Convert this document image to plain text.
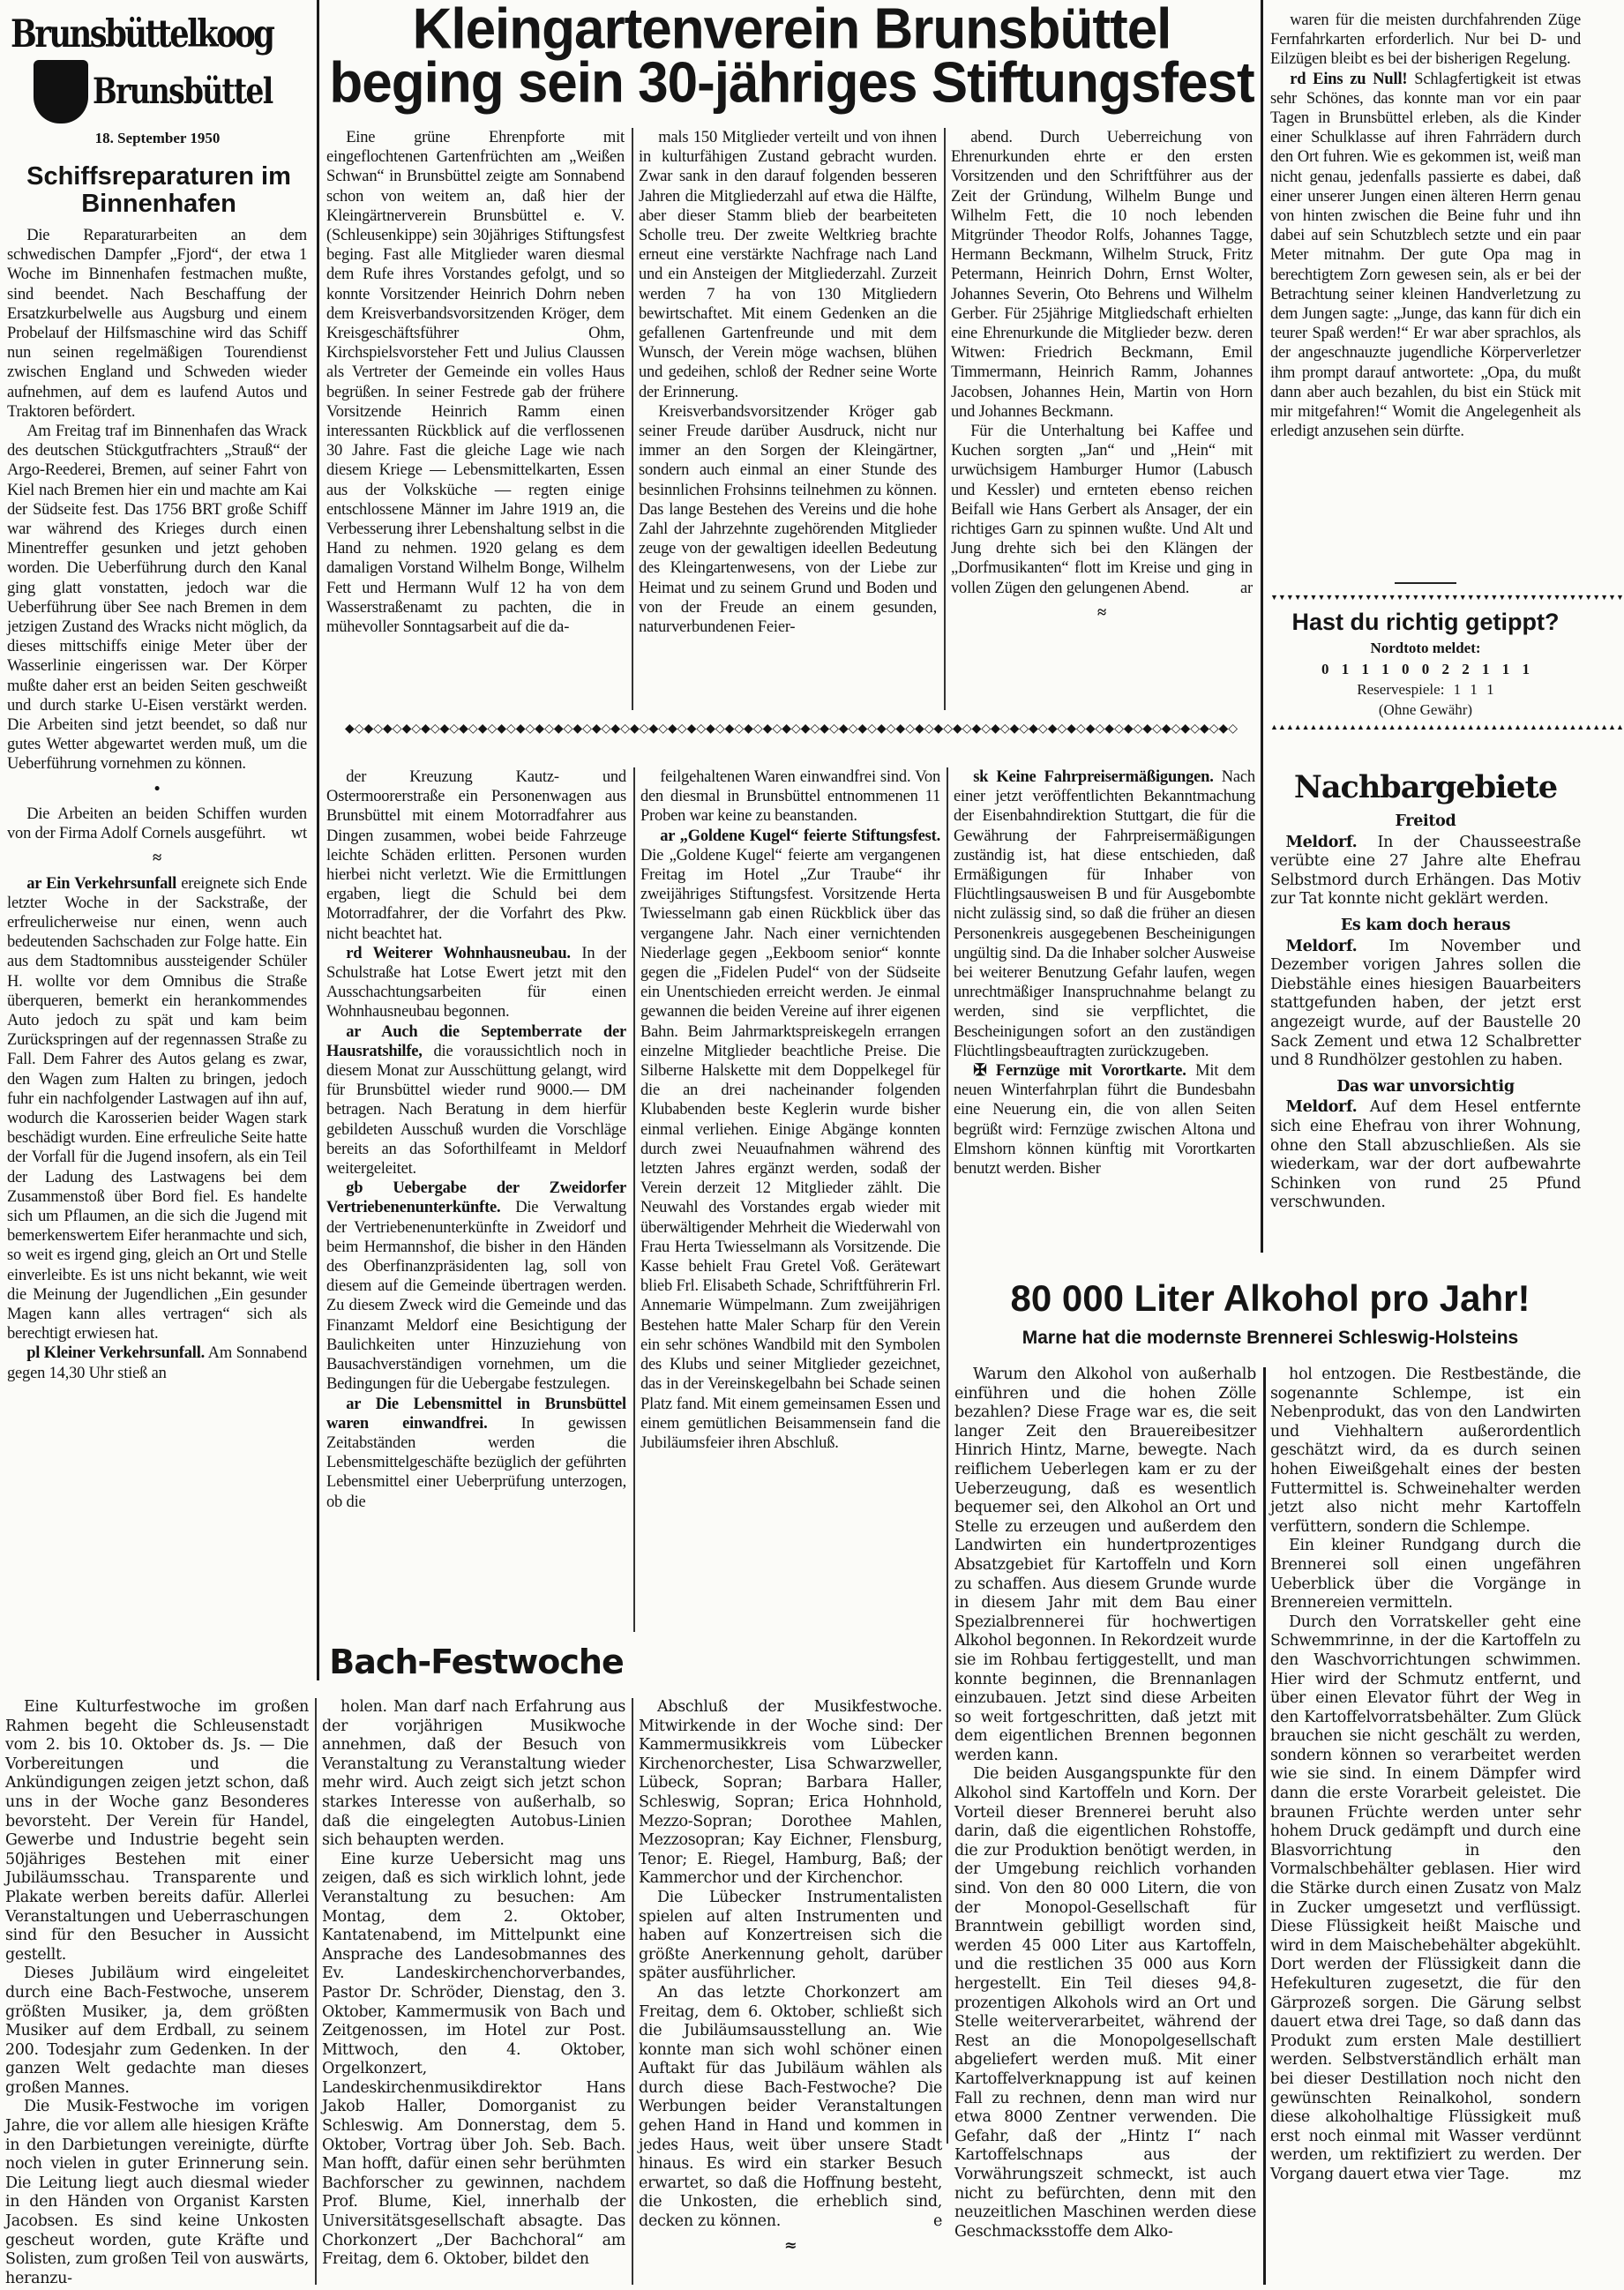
Brunsbüttelkoog
Brunsbüttel
18. September 1950
Schiffsreparaturen im Binnenhafen

Die Reparaturarbeiten an dem schwedischen Dampfer „Fjord“, der etwa 1 Woche im Binnenhafen festmachen mußte, sind beendet. Nach Beschaffung der Ersatzkurbelwelle aus Augsburg und einem Probelauf der Hilfsmaschine wird das Schiff nun seinen regelmäßigen Tourendienst zwischen England und Schweden wieder aufnehmen, auf dem es laufend Autos und Traktoren befördert.

Am Freitag traf im Binnenhafen das Wrack des deutschen Stückgutfrachters „Strauß“ der Argo-Reederei, Bremen, auf seiner Fahrt von Kiel nach Bremen hier ein und machte am Kai der Südseite fest. Das 1756 BRT große Schiff war während des Krieges durch einen Minentreffer gesunken und jetzt gehoben worden. Die Ueberführung durch den Kanal ging glatt vonstatten, jedoch war die Ueberführung über See nach Bremen in dem jetzigen Zustand des Wracks nicht möglich, da dieses mittschiffs einige Meter über der Wasserlinie eingerissen war. Der Körper mußte daher erst an beiden Seiten geschweißt und durch starke U-Eisen verstärkt werden. Die Arbeiten sind jetzt beendet, so daß nur gutes Wetter abgewartet werden muß, um die Ueberführung vornehmen zu können.

•

Die Arbeiten an beiden Schiffen wurden von der Firma Adolf Cornels ausgeführt.	wt

≈

ar Ein Verkehrsunfall ereignete sich Ende letzter Woche in der Sackstraße, der erfreulicherweise nur einen, wenn auch bedeutenden Sachschaden zur Folge hatte. Ein aus dem Stadtomnibus aussteigender Schüler H. wollte vor dem Omnibus die Straße überqueren, bemerkt ein herankommendes Auto jedoch zu spät und kam beim Zurückspringen auf der regennassen Straße zu Fall. Dem Fahrer des Autos gelang es zwar, den Wagen zum Halten zu bringen, jedoch fuhr ein nachfolgender Lastwagen auf ihn auf, wodurch die Karosserien beider Wagen stark beschädigt wurden. Eine erfreuliche Seite hatte der Vorfall für die Jugend insofern, als ein Teil der Ladung des Lastwagens bei dem Zusammenstoß über Bord fiel. Es handelte sich um Pflaumen, an die sich die Jugend mit bemerkenswertem Eifer heranmachte und sich, so weit es irgend ging, gleich an Ort und Stelle einverleibte. Es ist uns nicht bekannt, wie weit die Meinung der Jugendlichen „Ein gesunder Magen kann alles vertragen“ sich als berechtigt erwiesen hat.

pl Kleiner Verkehrsunfall. Am Sonnabend gegen 14,30 Uhr stieß an

Kleingartenverein Brunsbüttel
beging sein 30-jähriges Stiftungsfest

Eine grüne Ehrenpforte mit eingeflochtenen Gartenfrüchten am „Weißen Schwan“ in Brunsbüttel zeigte am Sonnabend schon von weitem an, daß hier der Kleingärtnerverein Brunsbüttel e. V. (Schleusenkippe) sein 30jähriges Stiftungsfest beging. Fast alle Mitglieder waren diesmal dem Rufe ihres Vorstandes gefolgt, und so konnte Vorsitzender Heinrich Dohrn neben dem Kreisverbandsvorsitzenden Kröger, dem Kreisgeschäftsführer Ohm, Kirchspielsvorsteher Fett und Julius Claussen als Vertreter der Gemeinde ein volles Haus begrüßen. In seiner Festrede gab der frühere Vorsitzende Heinrich Ramm einen interessanten Rückblick auf die verflossenen 30 Jahre. Fast die gleiche Lage wie nach diesem Kriege — Lebensmittelkarten, Essen aus der Volksküche — regten einige entschlossene Männer im Jahre 1919 an, die Verbesserung ihrer Lebenshaltung selbst in die Hand zu nehmen. 1920 gelang es dem damaligen Vorstand Wilhelm Bonge, Wilhelm Fett und Hermann Wulf 12 ha von dem Wasserstraßenamt zu pachten, die in mühevoller Sonntagsarbeit auf die da-

mals 150 Mitglieder verteilt und von ihnen in kulturfähigen Zustand gebracht wurden. Zwar sank in den darauf folgenden besseren Jahren die Mitgliederzahl auf etwa die Hälfte, aber dieser Stamm blieb der bearbeiteten Scholle treu. Der zweite Weltkrieg brachte erneut eine verstärkte Nachfrage nach Land und ein Ansteigen der Mitgliederzahl. Zurzeit werden 7 ha von 130 Mitgliedern bewirtschaftet. Mit einem Gedenken an die gefallenen Gartenfreunde und mit dem Wunsch, der Verein möge wachsen, blühen und gedeihen, schloß der Redner seine Worte der Erinnerung.

Kreisverbandsvorsitzender Kröger gab seiner Freude darüber Ausdruck, nicht nur immer an den Sorgen der Kleingärtner, sondern auch einmal an einer Stunde des besinnlichen Frohsinns teilnehmen zu können. Das lange Bestehen des Vereins und die hohe Zahl der Jahrzehnte zugehörenden Mitglieder zeuge von der gewaltigen ideellen Bedeutung des Kleingartenwesens, von der Liebe zur Heimat und zu seinem Grund und Boden und von der Freude an einem gesunden, naturverbundenen Feier-

abend. Durch Ueberreichung von Ehrenurkunden ehrte er den ersten Vorsitzenden und den Schriftführer aus der Zeit der Gründung, Wilhelm Bunge und Wilhelm Fett, die 10 noch lebenden Mitgründer Theodor Rolfs, Johannes Tagge, Hermann Beckmann, Wilhelm Struck, Fritz Petermann, Heinrich Dohrn, Ernst Wolter, Johannes Severin, Oto Behrens und Wilhelm Gerber. Für 25jährige Mitgliedschaft erhielten eine Ehrenurkunde die Mitglieder bezw. deren Witwen: Friedrich Beckmann, Emil Timmermann, Heinrich Ramm, Johannes Jacobsen, Johannes Hein, Martin von Horn und Johannes Beckmann.

Für die Unterhaltung bei Kaffee und Kuchen sorgten „Jan“ und „Hein“ mit urwüchsigem Hamburger Humor (Labusch und Kessler) und ernteten ebenso reichen Beifall wie Hans Gerbert als Ansager, der ein richtiges Garn zu spinnen wußte. Und Alt und Jung drehte sich bei den Klängen der „Dorfmusikanten“ flott im Kreise und ging in vollen Zügen den gelungenen Abend.	ar

≈
◆◇◆◇◆◇◆◇◆◇◆◇◆◇◆◇◆◇◆◇◆◇◆◇◆◇◆◇◆◇◆◇◆◇◆◇◆◇◆◇◆◇◆◇◆◇◆◇◆◇◆◇◆◇◆◇◆◇◆◇◆◇◆◇◆◇◆◇◆◇◆◇◆◇◆◇◆◇◆◇◆◇◆◇◆◇◆◇◆◇◆◇◆◇

waren für die meisten durchfahrenden Züge Fernfahrkarten erforderlich. Nur bei D- und Eilzügen bleibt es bei der bisherigen Regelung.

rd Eins zu Null! Schlagfertigkeit ist etwas sehr Schönes, das konnte man vor ein paar Tagen in Brunsbüttel erleben, als die Kinder einer Schulklasse auf ihren Fahrrädern durch den Ort fuhren. Wie es gekommen ist, weiß man nicht genau, jedenfalls passierte es dabei, daß einer unserer Jungen einen älteren Herrn genau von hinten zwischen die Beine fuhr und ihn dabei auf sein Schutzblech setzte und ein paar Meter mitnahm. Der gute Opa mag in berechtigtem Zorn gewesen sein, als er bei der Betrachtung seiner kleinen Handverletzung zu dem Jungen sagte: „Junge, das kann für dich ein teurer Spaß werden!“ Er war aber sprachlos, als der angeschnauzte jugendliche Körperverletzer ihm prompt darauf antwortete: „Opa, du mußt dann aber auch bezahlen, du bist ein Stück mit mir mitgefahren!“ Womit die Angelegenheit als erledigt anzusehen sein dürfte.

▼▼▼▼▼▼▼▼▼▼▼▼▼▼▼▼▼▼▼▼▼▼▼▼▼▼▼▼▼▼▼▼▼▼▼▼▼▼▼▼▼▼▼▼▼
Hast du richtig getippt?
Nordtoto meldet:
0 1 1 1 0 0 2 2 1 1 1
Reservespiele: 1 1 1
(Ohne Gewähr)
▲▲▲▲▲▲▲▲▲▲▲▲▲▲▲▲▲▲▲▲▲▲▲▲▲▲▲▲▲▲▲▲▲▲▲▲▲▲▲▲▲▲▲▲▲
Nachbargebiete
Freitod

Meldorf. In der Chausseestraße verübte eine 27 Jahre alte Ehefrau Selbstmord durch Erhängen. Das Motiv zur Tat konnte nicht geklärt werden.

Es kam doch heraus

Meldorf. Im November und Dezember vorigen Jahres sollen die Diebstähle eines hiesigen Bauarbeiters stattgefunden haben, der jetzt erst angezeigt wurde, auf der Baustelle 20 Sack Zement und etwa 12 Schalbretter und 8 Rundhölzer gestohlen zu haben.

Das war unvorsichtig

Meldorf. Auf dem Hesel entfernte sich eine Ehefrau von ihrer Wohnung, ohne den Stall abzuschließen. Als sie wiederkam, war der dort aufbewahrte Schinken von rund 25 Pfund verschwunden.

der Kreuzung Kautz- und Ostermoorerstraße ein Personenwagen aus Brunsbüttel mit einem Motorradfahrer aus Dingen zusammen, wobei beide Fahrzeuge leichte Schäden erlitten. Personen wurden hierbei nicht verletzt. Wie die Ermittlungen ergaben, liegt die Schuld bei dem Motorradfahrer, der die Vorfahrt des Pkw. nicht beachtet hat.

rd Weiterer Wohnhausneubau. In der Schulstraße hat Lotse Ewert jetzt mit den Ausschachtungsarbeiten für einen Wohnhausneubau begonnen.

ar Auch die Septemberrate der Hausratshilfe, die voraussichtlich noch in diesem Monat zur Ausschüttung gelangt, wird für Brunsbüttel wieder rund 9000.— DM betragen. Nach Beratung in dem hierfür gebildeten Ausschuß wurden die Vorschläge bereits an das Soforthilfeamt in Meldorf weitergeleitet.

gb Uebergabe der Zweidorfer Vertriebenenunterkünfte. Die Verwaltung der Vertriebenenunterkünfte in Zweidorf und beim Hermannshof, die bisher in den Händen des Oberfinanzpräsidenten lag, soll von diesem auf die Gemeinde übertragen werden. Zu diesem Zweck wird die Gemeinde und das Finanzamt Meldorf eine Besichtigung der Baulichkeiten unter Hinzuziehung von Bausachverständigen vornehmen, um die Bedingungen für die Uebergabe festzulegen.

ar Die Lebensmittel in Brunsbüttel waren einwandfrei. In gewissen Zeitabständen werden die Lebensmittelgeschäfte bezüglich der geführten Lebensmittel einer Ueberprüfung unterzogen, ob die

feilgehaltenen Waren einwandfrei sind. Von den diesmal in Brunsbüttel entnommenen 11 Proben war keine zu beanstanden.

ar „Goldene Kugel“ feierte Stiftungsfest. Die „Goldene Kugel“ feierte am vergangenen Freitag im Hotel „Zur Traube“ ihr zweijähriges Stiftungsfest. Vorsitzende Herta Twiesselmann gab einen Rückblick über das vergangene Jahr. Nach einer vernichtenden Niederlage gegen „Eekboom senior“ konnte gegen die „Fidelen Pudel“ von der Südseite ein Unentschieden erreicht werden. Je einmal gewannen die beiden Vereine auf ihrer eigenen Bahn. Beim Jahrmarktspreiskegeln errangen einzelne Mitglieder beachtliche Preise. Die Silberne Halskette mit dem Doppelkegel für die an drei nacheinander folgenden Klubabenden beste Keglerin wurde bisher einmal verliehen. Einige Abgänge konnten durch zwei Neuaufnahmen während des letzten Jahres ergänzt werden, sodaß der Verein derzeit 12 Mitglieder zählt. Die Neuwahl des Vorstandes ergab wieder mit überwältigender Mehrheit die Wiederwahl von Frau Herta Twiesselmann als Vorsitzende. Die Kasse behielt Frau Gretel Voß. Gerätewart blieb Frl. Elisabeth Schade, Schriftführerin Frl. Annemarie Wümpelmann. Zum zweijährigen Bestehen hatte Maler Scharp für den Verein ein sehr schönes Wandbild mit den Symbolen des Klubs und seiner Mitglieder gezeichnet, das in der Vereinskegelbahn bei Schade seinen Platz fand. Mit einem gemeinsamen Essen und einem gemütlichen Beisammensein fand die Jubiläumsfeier ihren Abschluß.

sk Keine Fahrpreisermäßigungen. Nach einer jetzt veröffentlichten Bekanntmachung der Eisenbahndirektion Stuttgart, die für die Gewährung der Fahrpreisermäßigungen zuständig ist, hat diese entschieden, daß Ermäßigungen für Inhaber von Flüchtlingsausweisen B und für Ausgebombte nicht zulässig sind, so daß die früher an diesen Personenkreis ausgegebenen Bescheinigungen ungültig sind. Da die Inhaber solcher Ausweise bei weiterer Benutzung Gefahr laufen, wegen unrechtmäßiger Inanspruchnahme belangt zu werden, sind sie verpflichtet, die Bescheinigungen sofort an den zuständigen Flüchtlingsbeauftragten zurückzugeben.

✠ Fernzüge mit Vorortkarte. Mit dem neuen Winterfahrplan führt die Bundesbahn eine Neuerung ein, die von allen Seiten begrüßt wird: Fernzüge zwischen Altona und Elmshorn können künftig mit Vorortkarten benutzt werden. Bisher

80 000 Liter Alkohol pro Jahr!
Marne hat die modernste Brennerei Schleswig-Holsteins

Warum den Alkohol von außerhalb einführen und die hohen Zölle bezahlen? Diese Frage war es, die seit langer Zeit den Brauereibesitzer Hinrich Hintz, Marne, bewegte. Nach reiflichem Ueberlegen kam er zu der Ueberzeugung, daß es wesentlich bequemer sei, den Alkohol an Ort und Stelle zu erzeugen und außerdem den Landwirten ein hundertprozentiges Absatzgebiet für Kartoffeln und Korn zu schaffen. Aus diesem Grunde wurde in diesem Jahr mit dem Bau einer Spezialbrennerei für hochwertigen Alkohol begonnen. In Rekordzeit wurde sie im Rohbau fertiggestellt, und man konnte beginnen, die Brennanlagen einzubauen. Jetzt sind diese Arbeiten so weit fortgeschritten, daß jetzt mit dem eigentlichen Brennen begonnen werden kann.

Die beiden Ausgangspunkte für den Alkohol sind Kartoffeln und Korn. Der Vorteil dieser Brennerei beruht also darin, daß die eigentlichen Rohstoffe, die zur Produktion benötigt werden, in der Umgebung reichlich vorhanden sind. Von den 80 000 Litern, die von der Monopol-Gesellschaft für Branntwein gebilligt worden sind, werden 45 000 Liter aus Kartoffeln, und die restlichen 35 000 aus Korn hergestellt. Ein Teil dieses 94,8-prozentigen Alkohols wird an Ort und Stelle weiterverarbeitet, während der Rest an die Monopolgesellschaft abgeliefert werden muß. Mit einer Kartoffelverknappung ist auf keinen Fall zu rechnen, denn man wird nur etwa 8000 Zentner verwenden. Die Gefahr, daß der „Hintz I“ nach Kartoffelschnaps aus der Vorwährungszeit schmeckt, ist auch nicht zu befürchten, denn mit den neuzeitlichen Maschinen werden diese Geschmacksstoffe dem Alko-

hol entzogen. Die Restbestände, die sogenannte Schlempe, ist ein Nebenprodukt, das von den Landwirten und Viehhaltern außerordentlich geschätzt wird, da es durch seinen hohen Eiweißgehalt eines der besten Futtermittel is. Schweinehalter werden jetzt also nicht mehr Kartoffeln verfüttern, sondern die Schlempe.

Ein kleiner Rundgang durch die Brennerei soll einen ungefähren Ueberblick über die Vorgänge in Brennereien vermitteln.

Durch den Vorratskeller geht eine Schwemmrinne, in der die Kartoffeln zu den Waschvorrichtungen schwimmen. Hier wird der Schmutz entfernt, und über einen Elevator führt der Weg in den Kartoffelvorratsbehälter. Zum Glück brauchen sie nicht geschält zu werden, sondern können so verarbeitet werden wie sie sind. In einem Dämpfer wird dann die erste Vorarbeit geleistet. Die braunen Früchte werden unter sehr hohem Druck gedämpft und durch eine Blasvorrichtung in den Vormalschbehälter geblasen. Hier wird die Stärke durch einen Zusatz von Malz in Zucker umgesetzt und verflüssigt. Diese Flüssigkeit heißt Maische und wird in dem Maischebehälter abgekühlt. Dort werden der Flüssigkeit dann die Hefekulturen zugesetzt, die für den Gärprozeß sorgen. Die Gärung selbst dauert etwa drei Tage, so daß dann das Produkt zum ersten Male destilliert werden. Selbstverständlich erhält man bei dieser Destillation noch nicht den gewünschten Reinalkohol, sondern diese alkoholhaltige Flüssigkeit muß erst noch einmal mit Wasser verdünnt werden, um rektifiziert zu werden. Der Vorgang dauert etwa vier Tage.	mz

Bach-Festwoche

Eine Kulturfestwoche im großen Rahmen begeht die Schleusenstadt vom 2. bis 10. Oktober ds. Js. — Die Vorbereitungen und die Ankündigungen zeigen jetzt schon, daß uns in der Woche ganz Besonderes bevorsteht. Der Verein für Handel, Gewerbe und Industrie begeht sein 50jähriges Bestehen mit einer Jubiläumsschau. Transparente und Plakate werben bereits dafür. Allerlei Veranstaltungen und Ueberraschungen sind für den Besucher in Aussicht gestellt.

Dieses Jubiläum wird eingeleitet durch eine Bach-Festwoche, unserem größten Musiker, ja, dem größten Musiker auf dem Erdball, zu seinem 200. Todesjahr zum Gedenken. In der ganzen Welt gedachte man dieses großen Mannes.

Die Musik-Festwoche im vorigen Jahre, die vor allem alle hiesigen Kräfte in den Darbietungen vereinigte, dürfte noch vielen in guter Erinnerung sein. Die Leitung liegt auch diesmal wieder in den Händen von Organist Karsten Jacobsen. Es sind keine Unkosten gescheut worden, gute Kräfte und Solisten, zum großen Teil von auswärts, heranzu-

holen. Man darf nach Erfahrung aus der vorjährigen Musikwoche annehmen, daß der Besuch von Veranstaltung zu Veranstaltung wieder mehr wird. Auch zeigt sich jetzt schon starkes Interesse von außerhalb, so daß die eingelegten Autobus-Linien sich behaupten werden.

Eine kurze Uebersicht mag uns zeigen, daß es sich wirklich lohnt, jede Veranstaltung zu besuchen: Am Montag, dem 2. Oktober, Kantatenabend, im Mittelpunkt eine Ansprache des Landesobmannes des Ev. Landeskirchenchorverbandes, Pastor Dr. Schröder, Dienstag, den 3. Oktober, Kammermusik von Bach und Zeitgenossen, im Hotel zur Post. Mittwoch, den 4. Oktober, Orgelkonzert, Landeskirchenmusikdirektor Hans Jakob Haller, Domorganist zu Schleswig. Am Donnerstag, dem 5. Oktober, Vortrag über Joh. Seb. Bach. Man hofft, dafür einen sehr berühmten Bachforscher zu gewinnen, nachdem Prof. Blume, Kiel, innerhalb der Universitätsgesellschaft absagte. Das Chorkonzert „Der Bachchoral“ am Freitag, dem 6. Oktober, bildet den

Abschluß der Musikfestwoche. Mitwirkende in der Woche sind: Der Kammermusikkreis vom Lübecker Kirchenorchester, Lisa Schwarzweller, Lübeck, Sopran; Barbara Haller, Schleswig, Sopran; Erica Hohnhold, Mezzo-Sopran; Dorothee Mahlen, Mezzosopran; Kay Eichner, Flensburg, Tenor; E. Riegel, Hamburg, Baß; der Kammerchor und der Kirchenchor.

Die Lübecker Instrumentalisten spielen auf alten Instrumenten und haben auf Konzertreisen sich die größte Anerkennung geholt, darüber später ausführlicher.

An das letzte Chorkonzert am Freitag, dem 6. Oktober, schließt sich die Jubiläumsausstellung an. Wie konnte man sich wohl schöner einen Auftakt für das Jubiläum wählen als durch diese Bach-Festwoche? Die Werbungen beider Veranstaltungen gehen Hand in Hand und kommen in jedes Haus, weit über unsere Stadt hinaus. Es wird ein starker Besuch erwartet, so daß die Hoffnung besteht, die Unkosten, die erheblich sind, decken zu können.	e

≈
